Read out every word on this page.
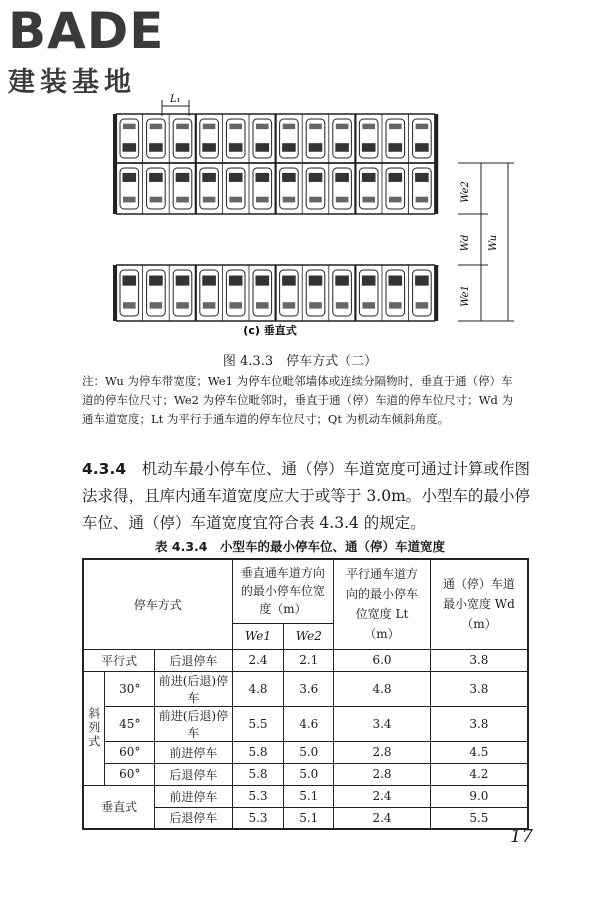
BADE
建装基地
L₁
We2
Wd
We1
Wu
(c) 垂直式
图 4.3.3　停车方式（二）
注：Wu 为停车带宽度；We1 为停车位毗邻墙体或连续分隔物时，垂直于通（停）车道的停车位尺寸；We2 为停车位毗邻时，垂直于通（停）车道的停车位尺寸；Wd 为通车道宽度；Lt 为平行于通车道的停车位尺寸；Qt 为机动车倾斜角度。
4.3.4　 机动车最小停车位、通（停）车道宽度可通过计算或作图法求得，且库内通车道宽度应大于或等于 3.0m。小型车的最小停车位、通（停）车道宽度宜符合表 4.3.4 的规定。
表 4.3.4　小型车的最小停车位、通（停）车道宽度
停车方式			垂直通车道方向的最小停车位宽度（m）		平行通车道方向的最小停车位宽度 Lt（m）	通（停）车道最小宽度 Wd（m）
			We1	We2		
平行式		后退停车	2.4	2.1	6.0	3.8
斜列式	30°	前进(后退)停车	4.8	3.6	4.8	3.8
	45°	前进(后退)停车	5.5	4.6	3.4	3.8
	60°	前进停车	5.8	5.0	2.8	4.5
	60°	后退停车	5.8	5.0	2.8	4.2
垂直式		前进停车	5.3	5.1	2.4	9.0
		后退停车	5.3	5.1	2.4	5.5
17
